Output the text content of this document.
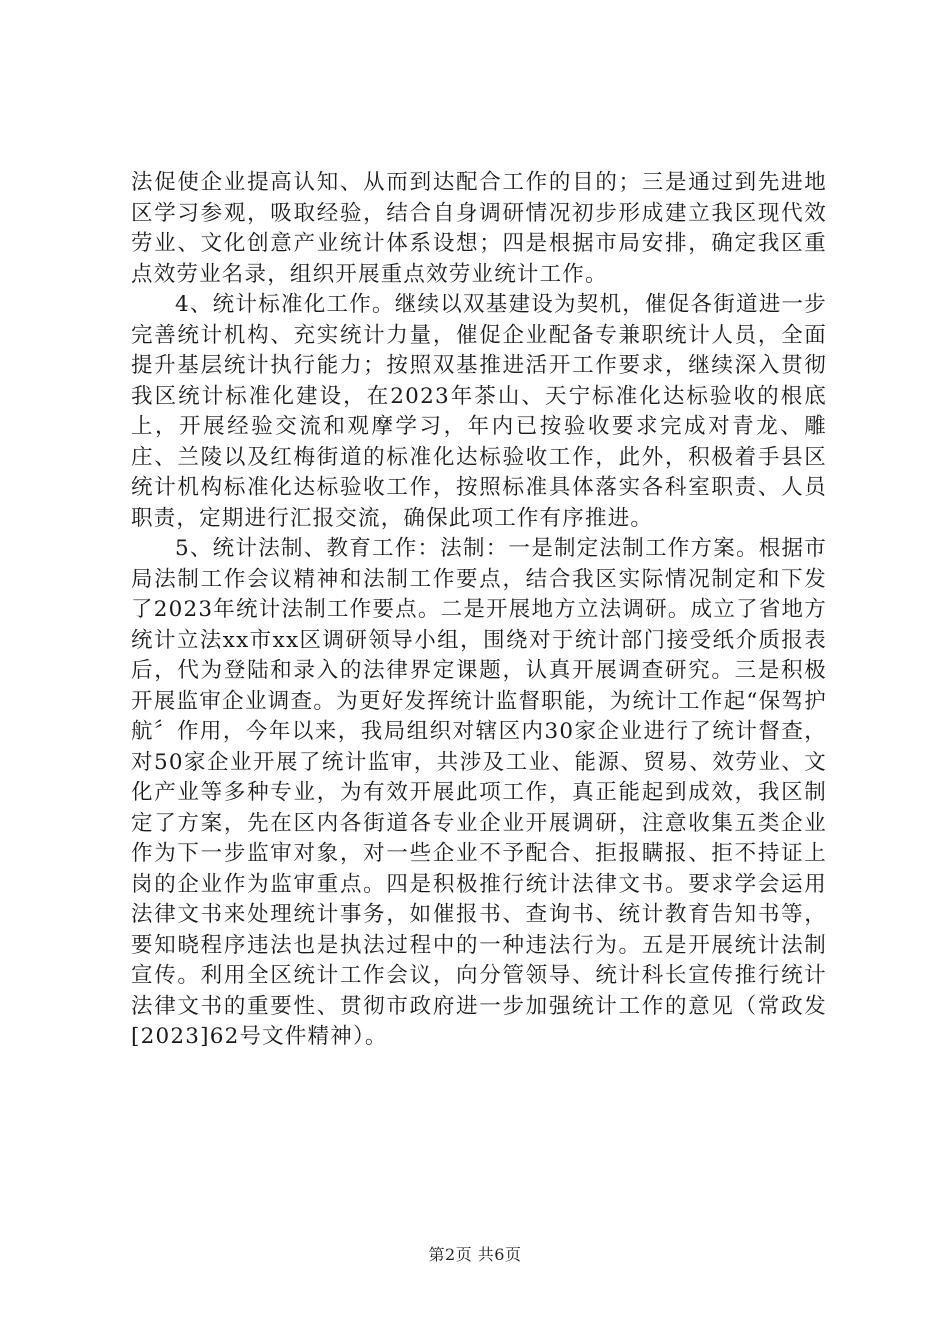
法促使企业提高认知、从而到达配合工作的目的；三是通过到先进地区学习参观，吸取经验，结合自身调研情况初步形成建立我区现代效劳业、文化创意产业统计体系设想；四是根据市局安排，确定我区重点效劳业名录，组织开展重点效劳业统计工作。

4、统计标准化工作。继续以双基建设为契机，催促各街道进一步完善统计机构、充实统计力量，催促企业配备专兼职统计人员，全面提升基层统计执行能力；按照双基推进活开工作要求，继续深入贯彻我区统计标准化建设，在2023年茶山、天宁标准化达标验收的根底上，开展经验交流和观摩学习，年内已按验收要求完成对青龙、雕庄、兰陵以及红梅街道的标准化达标验收工作，此外，积极着手县区统计机构标准化达标验收工作，按照标准具体落实各科室职责、人员职责，定期进行汇报交流，确保此项工作有序推进。

5、统计法制、教育工作：法制：一是制定法制工作方案。根据市局法制工作会议精神和法制工作要点，结合我区实际情况制定和下发了2023年统计法制工作要点。二是开展地方立法调研。成立了省地方统计立法xx市xx区调研领导小组，围绕对于统计部门接受纸介质报表后，代为登陆和录入的法律界定课题，认真开展调查研究。三是积极开展监审企业调查。为更好发挥统计监督职能，为统计工作起“保驾护航〞作用，今年以来，我局组织对辖区内30家企业进行了统计督查，对50家企业开展了统计监审，共涉及工业、能源、贸易、效劳业、文化产业等多种专业，为有效开展此项工作，真正能起到成效，我区制定了方案，先在区内各街道各专业企业开展调研，注意收集五类企业作为下一步监审对象，对一些企业不予配合、拒报瞒报、拒不持证上岗的企业作为监审重点。四是积极推行统计法律文书。要求学会运用法律文书来处理统计事务，如催报书、查询书、统计教育告知书等，要知晓程序违法也是执法过程中的一种违法行为。五是开展统计法制宣传。利用全区统计工作会议，向分管领导、统计科长宣传推行统计法律文书的重要性、贯彻市政府进一步加强统计工作的意见（常政发[2023]62号文件精神）。

第2页 共6页
